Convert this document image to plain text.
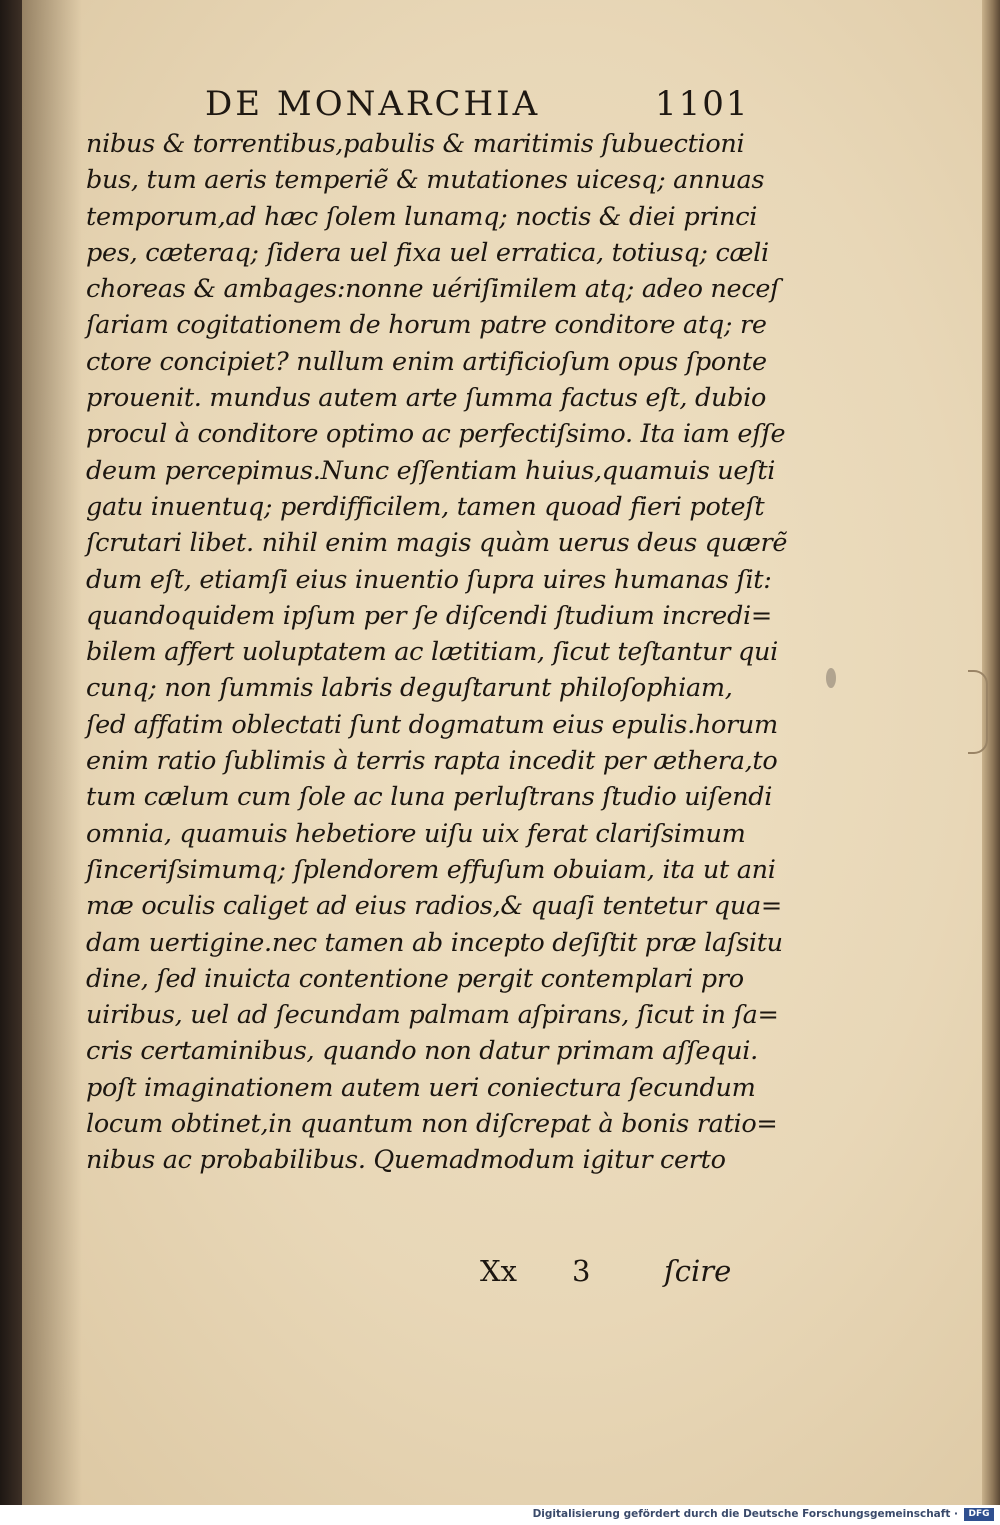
DE MONARCHIA	1101
nibus & torrentibus,pabulis & maritimis ſubuectioni
bus, tum aeris temperiẽ & mutationes uicesq; annuas
temporum,ad hæc ſolem lunamq; noctis & diei princi
pes, cæteraq; ſidera uel fixa uel erratica, totiusq; cæli
choreas & ambages:nonne uériſimilem atq; adeo neceſ
ſariam cogitationem de horum patre conditore atq; re
ctore concipiet? nullum enim artificioſum opus ſponte
prouenit. mundus autem arte ſumma factus eſt, dubio
procul à conditore optimo ac perfectiſsimo. Ita iam eſſe
deum percepimus.Nunc eſſentiam huius,quamuis ueſti
gatu inuentuq; perdifficilem, tamen quoad fieri poteſt
ſcrutari libet. nihil enim magis quàm uerus deus quærẽ
dum eſt, etiamſi eius inuentio ſupra uires humanas ſit:
quandoquidem ipſum per ſe diſcendi ſtudium incredi=
bilem affert uoluptatem ac lætitiam, ſicut teſtantur qui
cunq; non ſummis labris deguſtarunt philoſophiam,
ſed affatim oblectati ſunt dogmatum eius epulis.horum
enim ratio ſublimis à terris rapta incedit per æthera,to
tum cælum cum ſole ac luna perluſtrans ſtudio uiſendi
omnia, quamuis hebetiore uiſu uix ferat clariſsimum
ſinceriſsimumq; ſplendorem effuſum obuiam, ita ut ani
mæ oculis caliget ad eius radios,& quaſi tentetur qua=
dam uertigine.nec tamen ab incepto deſiſtit præ laſsitu
dine, ſed inuicta contentione pergit contemplari pro
uiribus, uel ad ſecundam palmam aſpirans, ſicut in ſa=
cris certaminibus, quando non datur primam aſſequi.
poſt imaginationem autem ueri coniectura ſecundum
locum obtinet,in quantum non diſcrepat à bonis ratio=
nibus ac probabilibus. Quemadmodum igitur certo
Xx 3	ſcire
Digitalisierung gefördert durch die Deutsche Forschungsgemeinschaft ·	DFG
